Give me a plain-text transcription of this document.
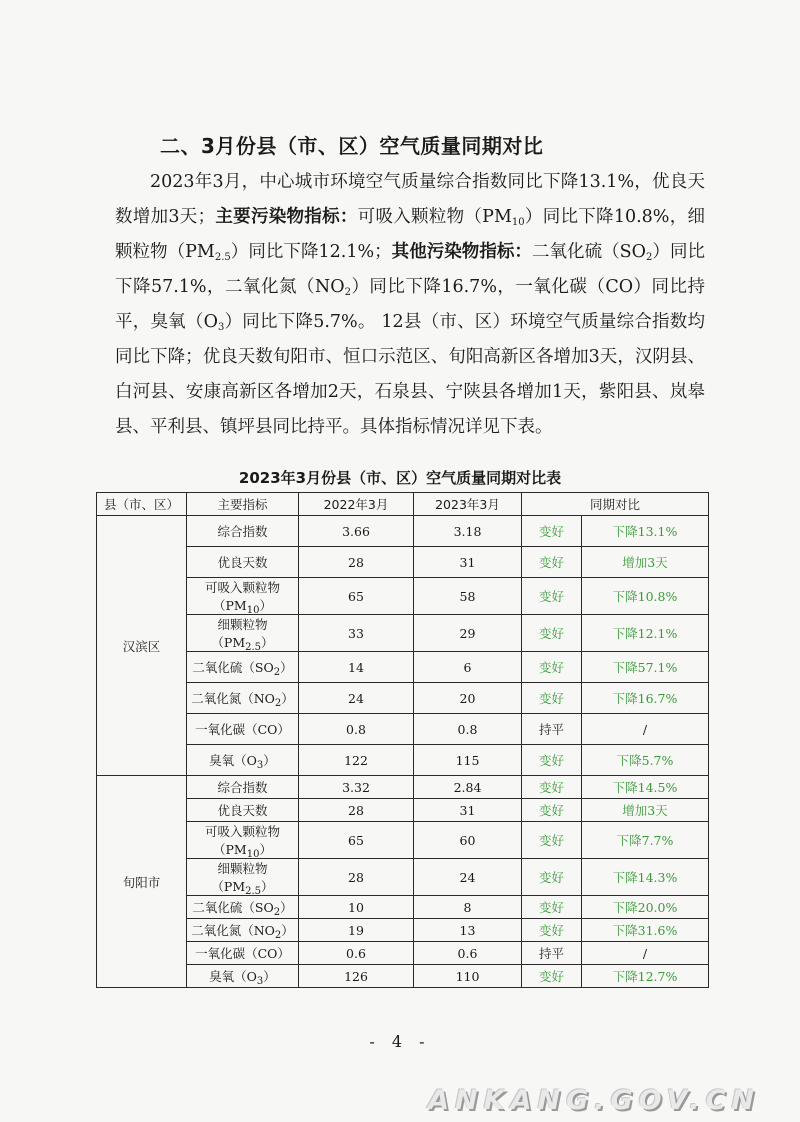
二、3月份县（市、区）空气质量同期对比

2023年3月，中心城市环境空气质量综合指数同比下降13.1%，优良天数增加3天；主要污染物指标：可吸入颗粒物$(PM_{10})$同比下降10.8%，细颗粒物$(PM_{2.5})$同比下降12.1%；其他污染物指标：二氧化硫$(SO_2)$同比下降57.1%，二氧化氮$(NO_2)$同比下降16.7%，一氧化碳（CO）同比持平，臭氧$(O_3)$同比下降5.7%。 12县（市、区）环境空气质量综合指数均同比下降；优良天数旬阳市、恒口示范区、旬阳高新区各增加3天，汉阴县、白河县、安康高新区各增加2天，石泉县、宁陕县各增加1天，紫阳县、岚皋县、平利县、镇坪县同比持平。具体指标情况详见下表。

2023年3月份县（市、区）空气质量同期对比表
县（市、区）	主要指标	2022年3月	2023年3月	同期对比	
汉滨区	综合指数	3.66	3.18	变好	下降13.1%
	优良天数	28	31	变好	增加3天
	可吸入颗粒物$(PM_{10})$	65	58	变好	下降10.8%
	细颗粒物$(PM_{2.5})$	33	29	变好	下降12.1%
	二氧化硫$(SO_2)$	14	6	变好	下降57.1%
	二氧化氮$(NO_2)$	24	20	变好	下降16.7%
	一氧化碳（CO）	0.8	0.8	持平	/
	臭氧$(O_3)$	122	115	变好	下降5.7%
旬阳市	综合指数	3.32	2.84	变好	下降14.5%
	优良天数	28	31	变好	增加3天
	可吸入颗粒物$(PM_{10})$	65	60	变好	下降7.7%
	细颗粒物$(PM_{2.5})$	28	24	变好	下降14.3%
	二氧化硫$(SO_2)$	10	8	变好	下降20.0%
	二氧化氮$(NO_2)$	19	13	变好	下降31.6%
	一氧化碳（CO）	0.6	0.6	持平	/
	臭氧$(O_3)$	126	110	变好	下降12.7%
- 4 -
ANKANG.GOV.CN
